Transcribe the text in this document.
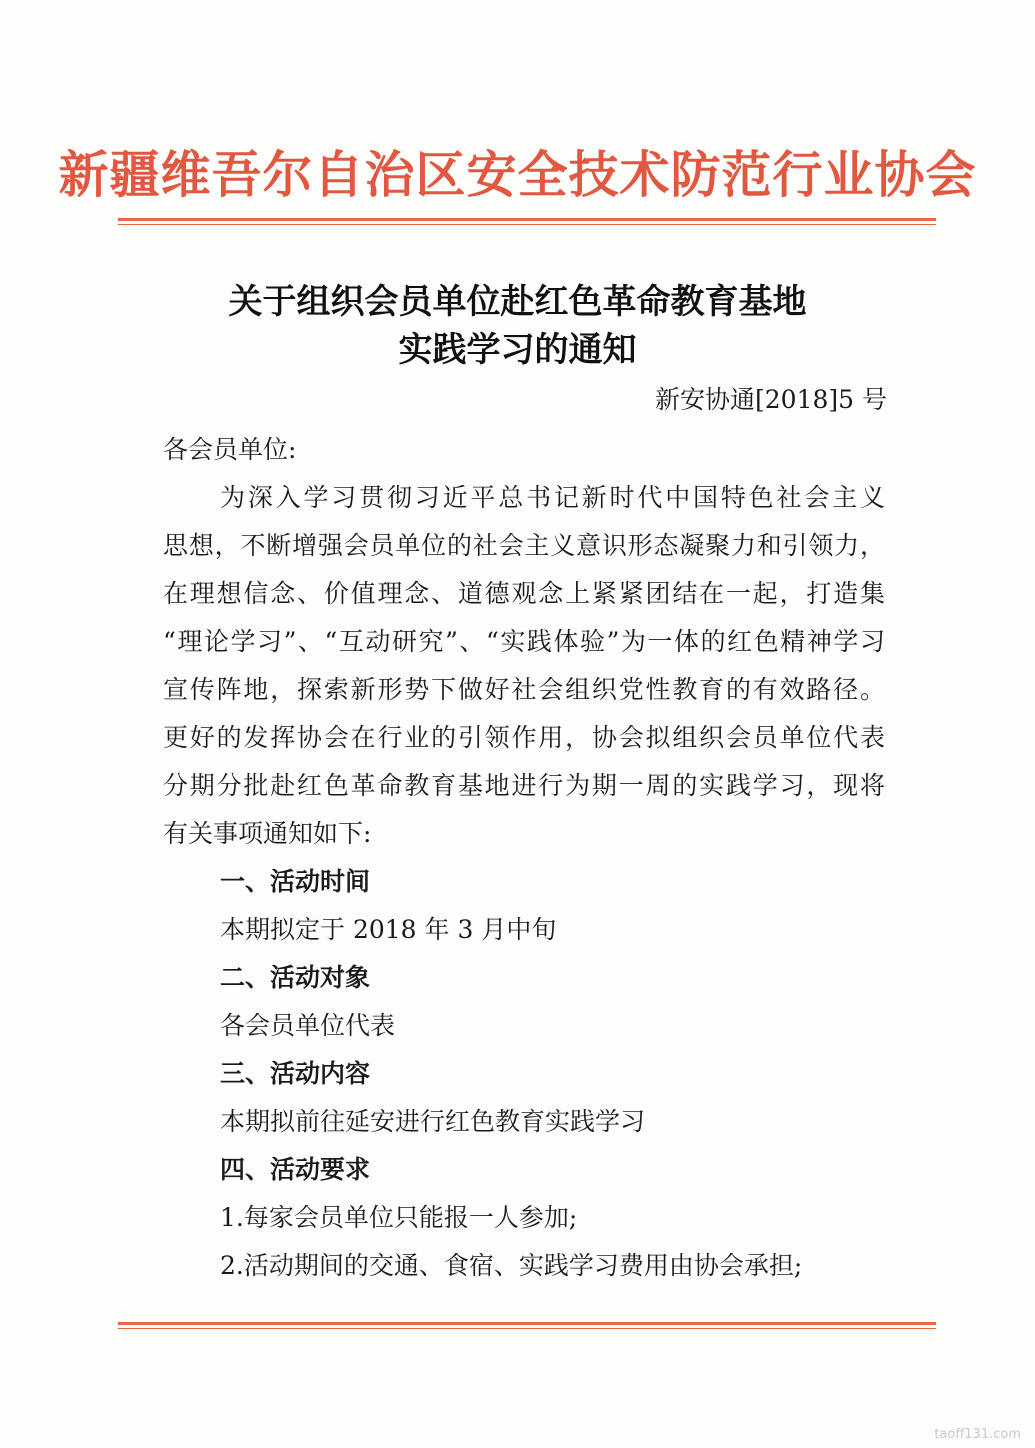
新疆维吾尔自治区安全技术防范行业协会
关于组织会员单位赴红色革命教育基地
实践学习的通知
新安协通[2018]5 号
各会员单位:
为深入学习贯彻习近平总书记新时代中国特色社会主义
思想，不断增强会员单位的社会主义意识形态凝聚力和引领力，
在理想信念、价值理念、道德观念上紧紧团结在一起，打造集
“理论学习”、“互动研究”、“实践体验”为一体的红色精神学习
宣传阵地，探索新形势下做好社会组织党性教育的有效路径。
更好的发挥协会在行业的引领作用，协会拟组织会员单位代表
分期分批赴红色革命教育基地进行为期一周的实践学习，现将
有关事项通知如下:
一、活动时间
本期拟定于 2018 年 3 月中旬
二、活动对象
各会员单位代表
三、活动内容
本期拟前往延安进行红色教育实践学习
四、活动要求
1.每家会员单位只能报一人参加;
2.活动期间的交通、食宿、实践学习费用由协会承担;
taoff131.com
